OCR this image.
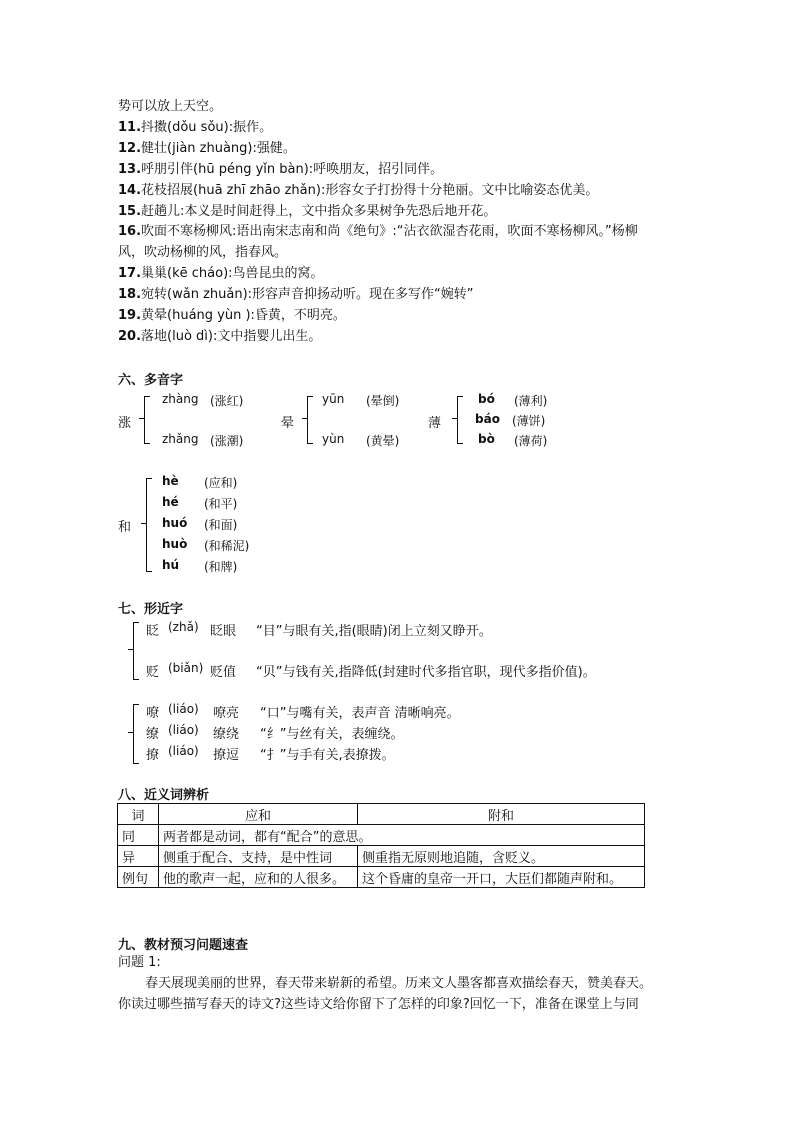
势可以放上天空。
11.抖擞(dǒu sǒu):振作。
12.健壮(jiàn zhuàng):强健。
13.呼朋引伴(hū péng yǐn bàn):呼唤朋友，招引同伴。
14.花枝招展(huā zhī zhāo zhǎn):形容女子打扮得十分艳丽。文中比喻姿态优美。
15.赶趟儿:本义是时间赶得上，文中指众多果树争先恐后地开花。
16.吹面不寒杨柳风:语出南宋志南和尚《绝句》:“沾衣欲湿杏花雨，吹面不寒杨柳风。”杨柳
风，吹动杨柳的风，指春风。
17.巢巢(kē cháo):鸟兽昆虫的窝。
18.宛转(wǎn zhuǎn):形容声音抑扬动听。现在多写作“婉转”
19.黄晕(huáng yùn ):昏黄，不明亮。
20.落地(luò dì):文中指婴儿出生。
六、多音字
涨
zhàng (涨红)
zhǎng (涨潮)
晕
yūn (晕倒)
yùn (黄晕)
薄
bó (薄利)
báo (薄饼)
bò (薄荷)
和
hè (应和)
hé (和平)
huó (和面)
huò (和稀泥)
hú (和牌)
七、形近字
眨 (zhǎ) 眨眼 “目”与眼有关,指(眼睛)闭上立刻又睁开。
贬 (biǎn) 贬值 “贝”与钱有关,指降低(封建时代多指官职，现代多指价值)。
嘹 (liáo) 嘹亮 “口”与嘴有关，表声音 清晰响亮。
缭 (liáo) 缭绕 “纟”与丝有关，表缠绕。
撩 (liáo) 撩逗 “扌”与手有关,表撩拨。
八、近义词辨析
词	应和	附和
同	两者都是动词，都有“配合”的意思。	
异	侧重于配合、支持，是中性词	侧重指无原则地追随，含贬义。
例句	他的歌声一起，应和的人很多。	这个昏庸的皇帝一开口，大臣们都随声附和。
九、教材预习问题速查
问题 1:
春天展现美丽的世界，春天带来崭新的希望。历来文人墨客都喜欢描绘春天，赞美春天。
你读过哪些描写春天的诗文?这些诗文给你留下了怎样的印象?回忆一下，准备在课堂上与同
